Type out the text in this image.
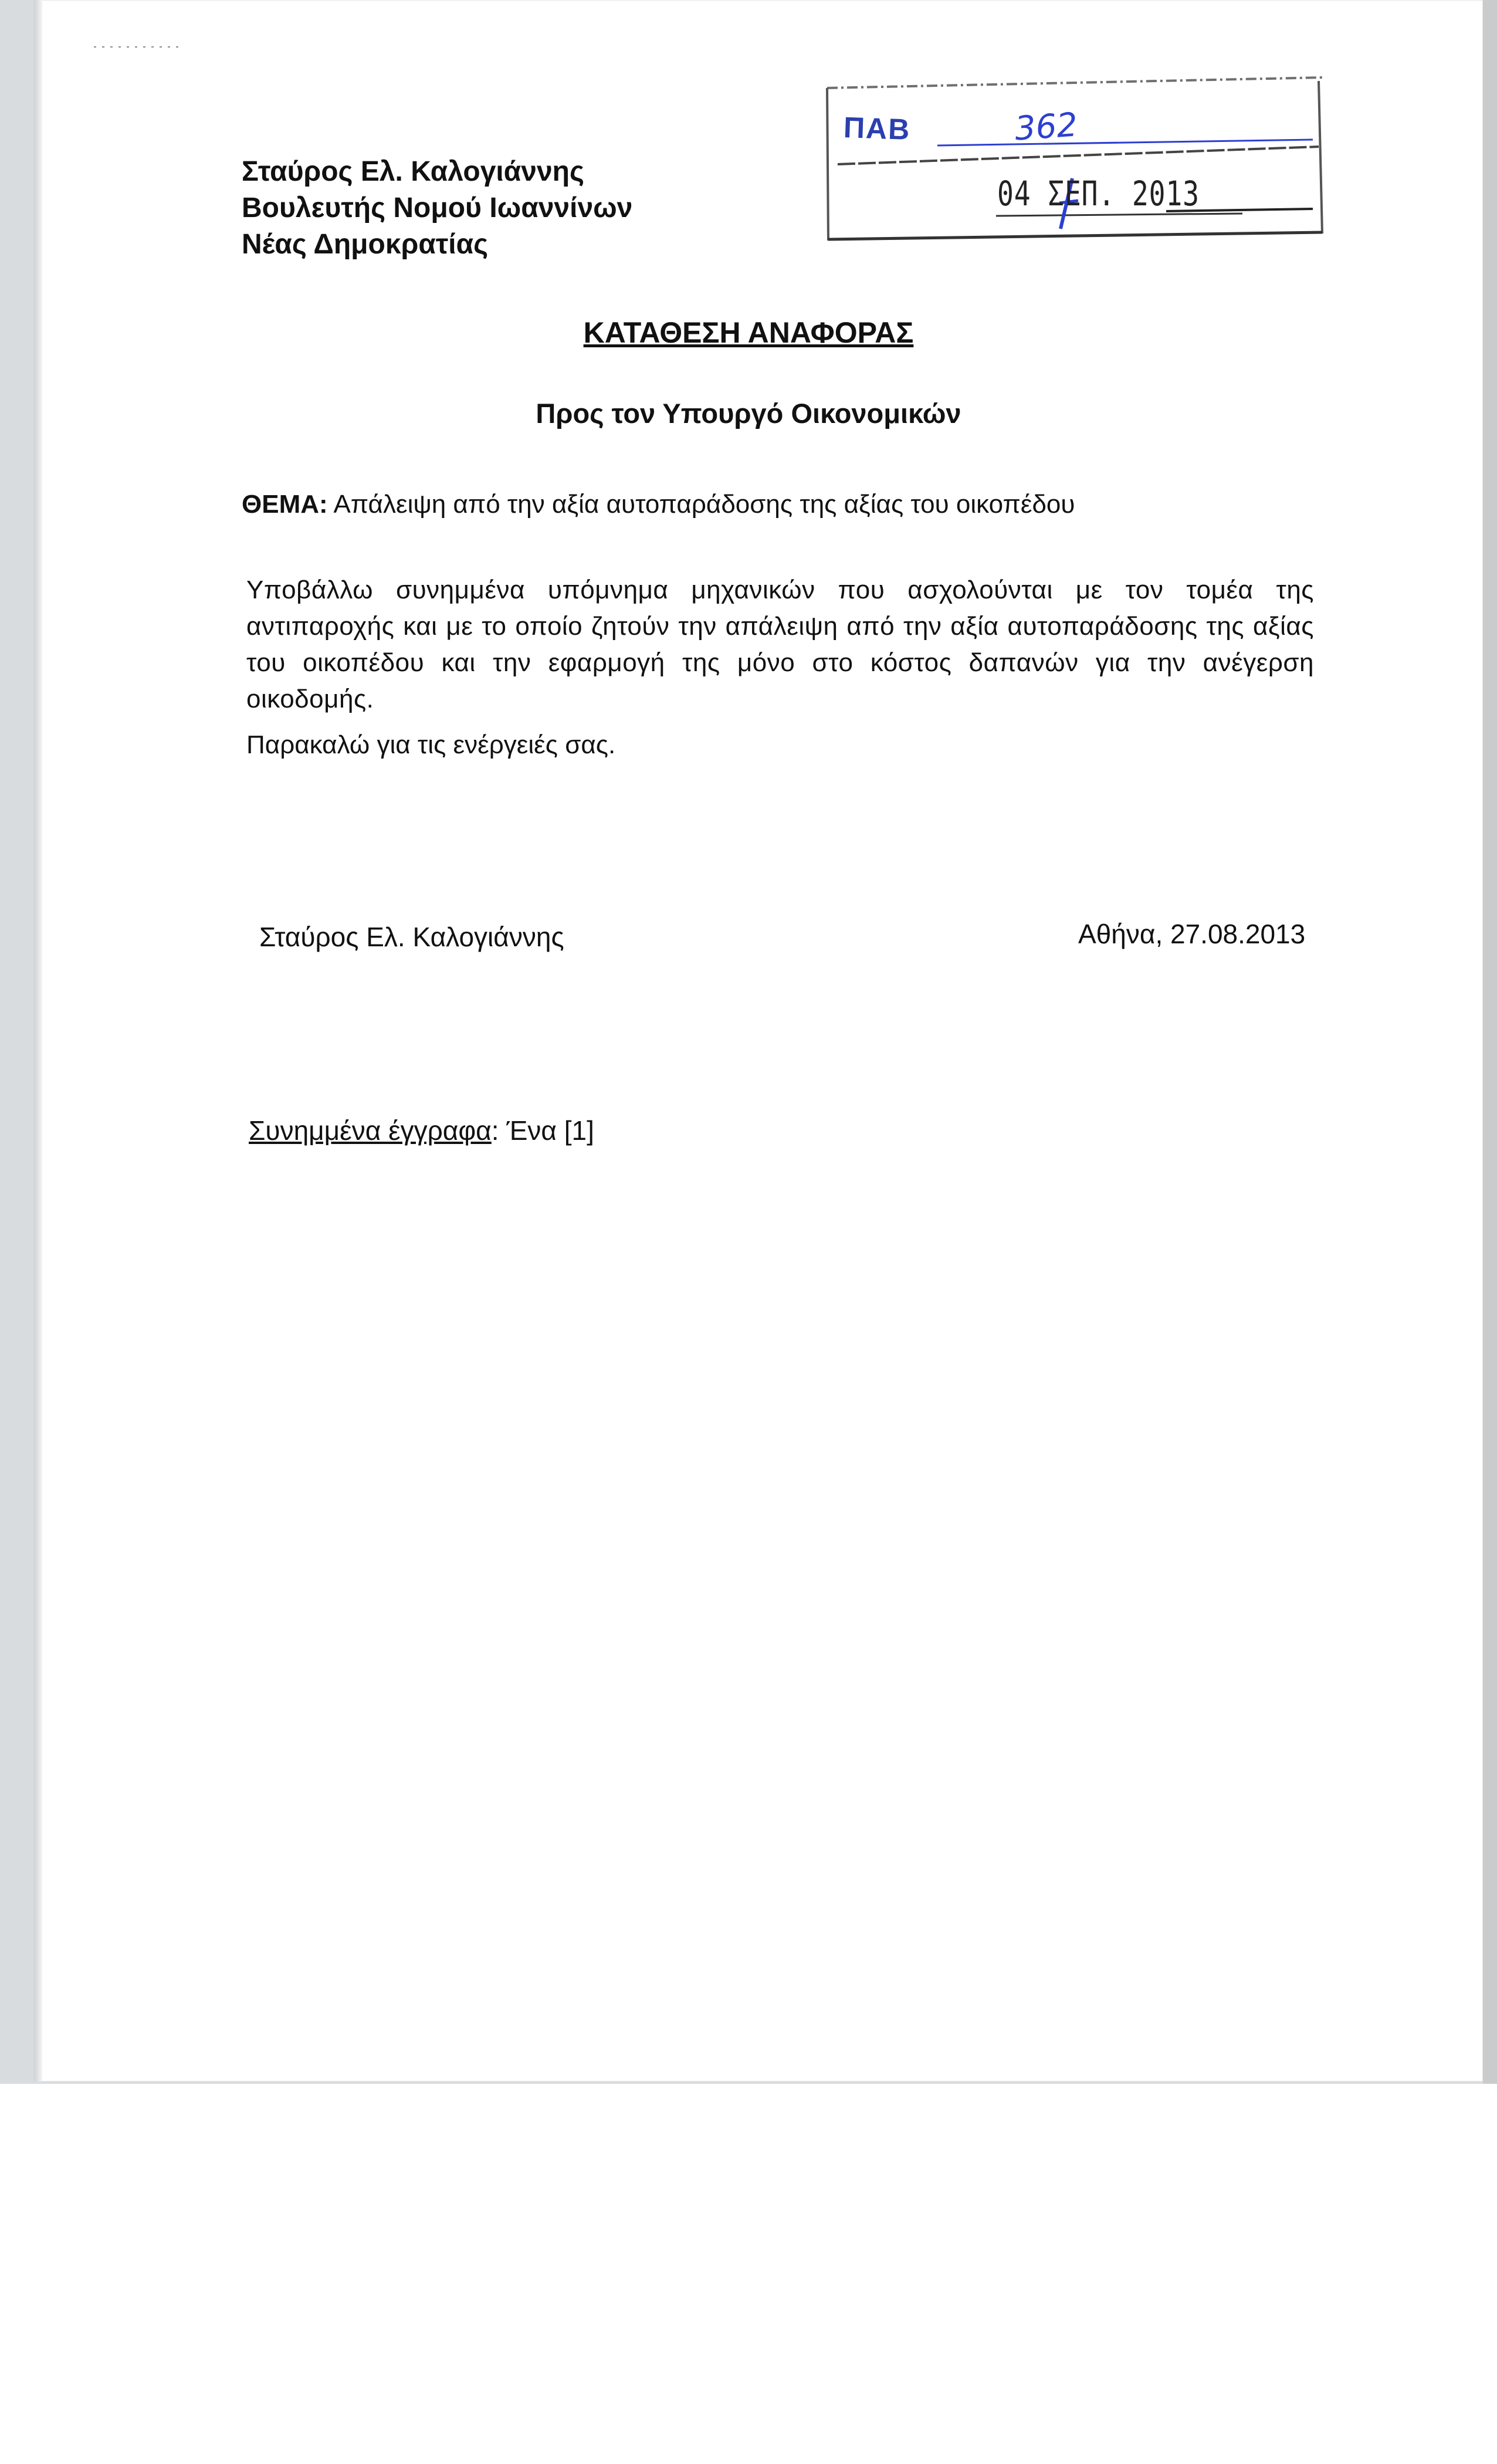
Σταύρος Ελ. Καλογιάννης
Βουλευτής Νομού Ιωαννίνων
Νέας Δημοκρατίας
ΠΑΒ	362
04 ΣΕΠ. 2013
ΚΑΤΑΘΕΣΗ ΑΝΑΦΟΡΑΣ
Προς τον Υπουργό Οικονομικών
ΘΕΜΑ: Απάλειψη από την αξία αυτοπαράδοσης της αξίας του οικοπέδου
Υποβάλλω συνημμένα υπόμνημα μηχανικών που ασχολούνται με τον τομέα της αντιπαροχής και με το οποίο ζητούν την απάλειψη από την αξία αυτοπαράδοσης της αξίας του οικοπέδου και την εφαρμογή της μόνο στο κόστος δαπανών για την ανέγερση οικοδομής.
Παρακαλώ για τις ενέργειές σας.
Σταύρος Ελ. Καλογιάννης	Αθήνα, 27.08.2013
Συνημμένα έγγραφα: Ένα [1]
